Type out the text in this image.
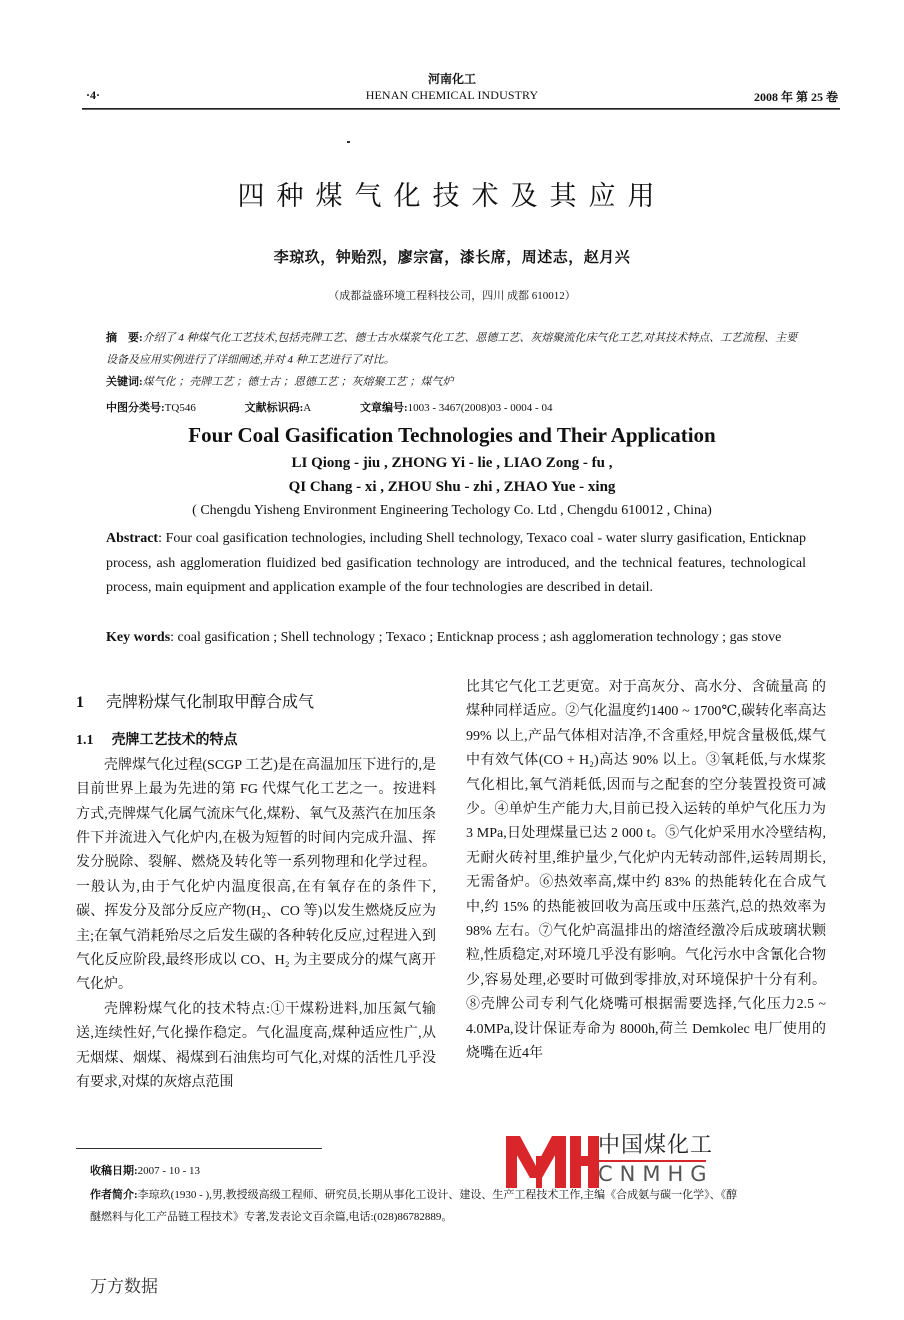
河南化工
·4·	HENAN CHEMICAL INDUSTRY	2008 年 第 25 卷
四种煤气化技术及其应用
李琼玖，钟贻烈，廖宗富，漆长席，周述志，赵月兴
（成都益盛环境工程科技公司，四川 成都 610012）
摘　要:介绍了 4 种煤气化工艺技术,包括壳牌工艺、德士古水煤浆气化工艺、恩德工艺、灰熔聚流化床气化工艺,对其技术特点、工艺流程、主要设备及应用实例进行了详细阐述,并对 4 种工艺进行了对比。
关键词:煤气化 ；壳牌工艺 ；德士古 ；恩德工艺 ；灰熔聚工艺 ；煤气炉
中图分类号:TQ546	文献标识码:A	文章编号:1003 - 3467(2008)03 - 0004 - 04
Four Coal Gasification Technologies and Their Application
LI Qiong - jiu , ZHONG Yi - lie , LIAO Zong - fu ,
QI Chang - xi , ZHOU Shu - zhi , ZHAO Yue - xing
( Chengdu Yisheng Environment Engineering Techology Co. Ltd , Chengdu 610012 , China)
Abstract: Four coal gasification technologies, including Shell technology, Texaco coal - water slurry gasification, Enticknap process, ash agglomeration fluidized bed gasification technology are introduced, and the technical features, technological process, main equipment and application example of the four technologies are described in detail.
Key words: coal gasification ; Shell technology ; Texaco ; Enticknap process ; ash agglomeration technology ; gas stove
1 壳牌粉煤气化制取甲醇合成气
1.1 壳牌工艺技术的特点

壳牌煤气化过程(SCGP 工艺)是在高温加压下进行的,是目前世界上最为先进的第 FG 代煤气化工艺之一。按进料方式,壳牌煤气化属气流床气化,煤粉、氧气及蒸汽在加压条件下并流进入气化炉内,在极为短暂的时间内完成升温、挥发分脱除、裂解、燃烧及转化等一系列物理和化学过程。一般认为,由于气化炉内温度很高,在有氧存在的条件下,碳、挥发分及部分反应产物(H₂、CO 等)以发生燃烧反应为主;在氧气消耗殆尽之后发生碳的各种转化反应,过程进入到气化反应阶段,最终形成以 CO、H₂ 为主要成分的煤气离开气化炉。

壳牌粉煤气化的技术特点:①干煤粉进料,加压氮气输送,连续性好,气化操作稳定。气化温度高,煤种适应性广,从无烟煤、烟煤、褐煤到石油焦均可气化,对煤的活性几乎没有要求,对煤的灰熔点范围

比其它气化工艺更宽。对于高灰分、高水分、含硫量高 的煤种同样适应。②气化温度约1400 ~ 1700℃,碳转化率高达 99% 以上,产品气体相对洁净,不含重烃,甲烷含量极低,煤气中有效气体(CO + H₂)高达 90% 以上。③氧耗低,与水煤浆气化相比,氧气消耗低,因而与之配套的空分装置投资可减少。④单炉生产能力大,目前已投入运转的单炉气化压力为 3 MPa,日处理煤量已达 2 000 t。⑤气化炉采用水冷壁结构,无耐火砖衬里,维护量少,气化炉内无转动部件,运转周期长,无需备炉。⑥热效率高,煤中约 83% 的热能转化在合成气中,约 15% 的热能被回收为高压或中压蒸汽,总的热效率为 98% 左右。⑦气化炉高温排出的熔渣经激冷后成玻璃状颗粒,性质稳定,对环境几乎没有影响。气化污水中含氰化合物少,容易处理,必要时可做到零排放,对环境保护十分有利。⑧壳牌公司专利气化烧嘴可根据需要选择,气化压力2.5 ~ 4.0MPa,设计保证寿命为 8000h,荷兰 Demkolec 电厂使用的烧嘴在近4年

收稿日期:2007 - 10 - 13
作者简介:李琼玖(1930 - ),男,教授级高级工程师、研究员,长期从事化工设计、建设、生产工程技术工作,主编《合成氨与碳一化学》、《醇
醚燃料与化工产品链工程技术》专著,发表论文百余篇,电话:(028)86782889。
中国煤化工
CNMHG
万方数据
